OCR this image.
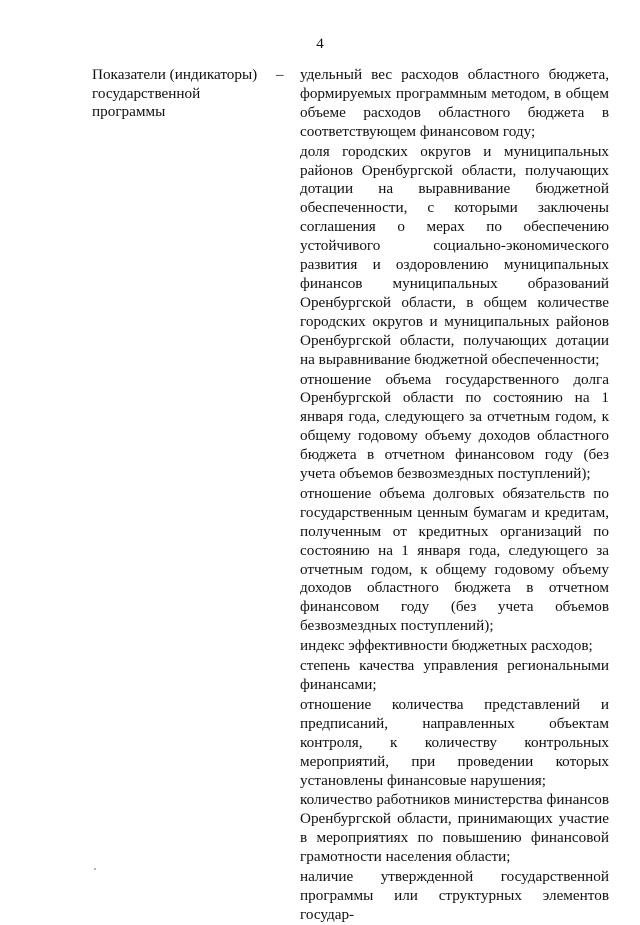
4
Показатели (индикаторы) государственной программы
– удельный вес расходов областного бюджета, формируемых программным методом, в общем объеме расходов областного бюджета в соответствующем финансовом году;

доля городских округов и муниципальных районов Оренбургской области, получающих дотации на выравнивание бюджетной обеспеченности, с которыми заключены соглашения о мерах по обеспечению устойчивого социально-экономического развития и оздоровлению муниципальных финансов муниципальных образований Оренбургской области, в общем количестве городских округов и муниципальных районов Оренбургской области, получающих дотации на выравнивание бюджетной обеспеченности;

отношение объема государственного долга Оренбургской области по состоянию на 1 января года, следующего за отчетным годом, к общему годовому объему доходов областного бюджета в отчетном финансовом году (без учета объемов безвозмездных поступлений);

отношение объема долговых обязательств по государственным ценным бумагам и кредитам, полученным от кредитных организаций по состоянию на 1 января года, следующего за отчетным годом, к общему годовому объему доходов областного бюджета в отчетном финансовом году (без учета объемов безвозмездных поступлений);

индекс эффективности бюджетных расходов;

степень качества управления региональными финансами;

отношение количества представлений и предписаний, направленных объектам контроля, к количеству контрольных мероприятий, при проведении которых установлены финансовые нарушения;

количество работников министерства финансов Оренбургской области, принимающих участие в мероприятиях по повышению финансовой грамотности населения области;

наличие утвержденной государственной программы или структурных элементов государ-
